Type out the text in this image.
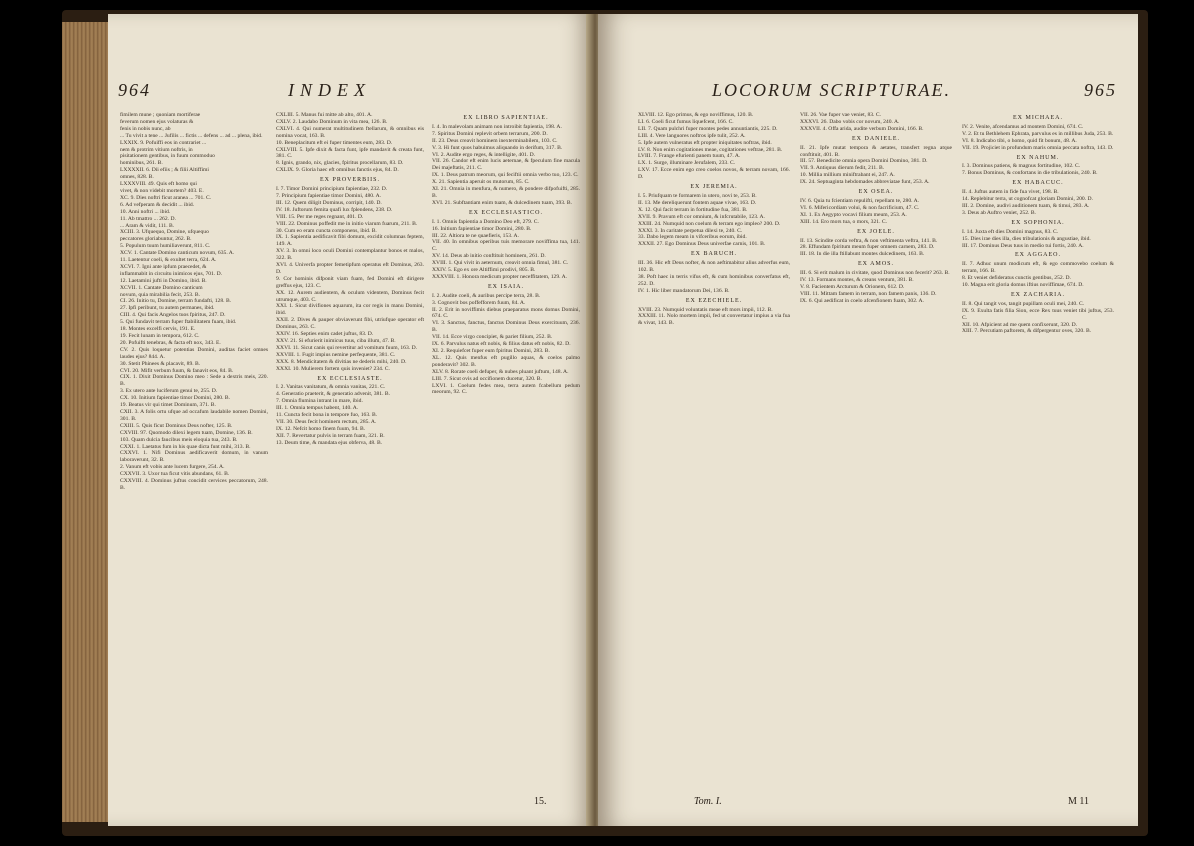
964	INDEX

fimilem mune ; quoniam mortiferae
feverum nomen ejus volaturas &
fenis in nobis nunc, ab
... Tu vivit a tene ... Jufilis ... fictis ... defens ... ad ... plena, ibid.
LXXIX. 9. Pofuiffi eos in contrariet ...
nem & protrim vitium noftris, in
pisitationem gentibus, in fuum commoduo
hominibus, 261. B.
LXXXXII. 6. Dii efiis ; & filii Altiffimi
omnes, 828. B.
LXXXVIII. 49. Quis eft homo qui
vivet, & non videbit mortem? 403. E.
XC. 9. Dies noftri ficut aranea ... 701. C.
6. Ad vefperam & decidit ... ibid.
10. Anni noftri ... ibid.
11. Ab tmattro ... 262. D.
... Aram & vidit, 111. B.
XCIII. 3. Ufquequo, Domine, ufquequo
peccatores gloriabuntur, 262. B.
5. Populum tuum humiliaverunt, 811. C.
XCV. 1. Cantate Domino canticum novum, 635. A.
11. Laetentur coeli, & exultet terra, 624. A.
XCVI. 7. Igni ante ipfum praecedet, &
inflammabit in circuitu inimicos ejus, 701. D.
12. Laetamini jufti in Domino, ibid. B.
XCVII. 1. Cantate Domino canticum
novum, quia mirabilia fecit, 253. B.
CI. 26. Initio tu, Domine, terram fundafti, 128. B.
27. Ipfi peribunt, tu autem permanes, ibid.
CIII. 4. Qui facis Angelos tuos fpiritus, 247. D.
5. Qui fundavit terram fuper ftabilitatem fuam, ibid.
18. Montes excelfi cervis, 191. E.
19. Fecit lunam in tempora, 612. C.
20. Pofuifti tenebras, & facta eft nox, 343. E.
CV. 2. Quis loquetur potentias Domini, auditas faciet omnes laudes ejus? 844. A.
30. Stetit Phinees & placavit, 89. B.
CVI. 20. Mifit verbum fuum, & fanavit eos, 84. B.
CIX. 1. Dixit Dominus Domino meo : Sede a dextris meis, 220. B.
3. Ex utero ante luciferum genui te, 255. D.
CX. 10. Initium fapientiae timor Domini, 280. B.
19. Beatus vir qui timet Dominum, 371. B.
CXII. 3. A folis ortu ufque ad occafum laudabile nomen Domini, 301. B.
CXIII. 5. Quis ficut Dominus Deus nofter, 125. B.
CXVIII. 97. Quomodo dilexi legem tuam, Domine, 136. B.
103. Quam dulcia faucibus meis eloquia tua, 243. B.
CXXI. 1. Laetatus fum in his quae dicta funt mihi, 313. B.
CXXVI. 1. Nifi Dominus aedificaverit domum, in vanum laboraverunt, 32. B.
2. Vanum eft vobis ante lucem furgere, 254. A.
CXXVII. 3. Uxor tua ficut vitis abundans, 61. B.
CXXVIII. 4. Dominus juftus concidit cervices peccatorum, 248. B.

CXLIII. 5. Manus fui mitte ab alto, 401. A.
CXLV. 2. Laudabo Dominum in vita mea, 126. B.
CXLVI. 4. Qui numerat multitudinem ftellarum, & omnibus eis nomina vocat, 163. B.
10. Beneplacitum eft ei fuper timentes eum, 283. D.
CXLVIII. 5. Ipfe dixit & facta funt, ipfe mandavit & creata funt, 381. C.
8. Ignis, grando, nix, glacies, fpiritus procellarum, 83. D.
CXLIX. 9. Gloria haec eft omnibus fanctis ejus, 84. D.

EX PROVERBIIS.

I. 7. Timor Domini principium fapientiae, 232. D.
7. Principium fapientiae timor Domini, 480. A.
III. 12. Quem diligit Dominus, corripit, 140. D.
IV. 18. Juftorum femita quafi lux fplendens, 238. D.
VIII. 15. Per me reges regnant, 401. D.
VIII. 22. Dominus poffedit me in initio viarum fuarum, 211. B.
30. Cum eo eram cuncta componens, ibid. B.
IX. 1. Sapientia aedificavit fibi domum, excidit columnas feptem, 149. A.
XV. 3. In omni loco oculi Domini contemplantur bonos et malos, 322. B.
XVI. 4. Univerfa propter femetipfum operatus eft Dominus, 263. D.
9. Cor hominis difponit viam fuam, fed Domini eft dirigere greffus ejus, 123. C.
XX. 12. Aurem audientem, & oculum videntem, Dominus fecit utrumque, 403. C.
XXI. 1. Sicut divifiones aquarum, ita cor regis in manu Domini, ibid.
XXII. 2. Dives & pauper obviaverunt fibi, utriufque operator eft Dominus, 263. C.
XXIV. 16. Septies enim cadet juftus, 83. D.
XXV. 21. Si efurierit inimicus tuus, ciba illum, 47. B.
XXVI. 11. Sicut canis qui revertitur ad vomitum fuum, 163. D.
XXVIII. 1. Fugit impius nemine perfequente, 381. C.
XXX. 8. Mendicitatem & divitias ne dederis mihi, 240. D.
XXXI. 10. Mulierem fortem quis inveniet? 234. C.

EX ECCLESIASTE.

I. 2. Vanitas vanitatum, & omnia vanitas, 221. C.
4. Generatio praeterit, & generatio advenit, 381. B.
7. Omnia flumina intrant in mare, ibid.
III. 1. Omnia tempus habent, 140. A.
11. Cuncta fecit bona in tempore fuo, 163. B.
VII. 30. Deus fecit hominem rectum, 285. A.
IX. 12. Nefcit homo finem fuum, 94. B.
XII. 7. Revertatur pulvis in terram fuam, 321. B.
13. Deum time, & mandata ejus obferva, 48. B.

EX LIBRO SAPIENTIAE.

I. 4. In malevolam animam non introibit fapientia, 198. A.
7. Spiritus Domini replevit orbem terrarum, 200. D.
II. 23. Deus creavit hominem inexterminabilem, 103. C.
V. 3. Hi funt quos habuimus aliquando in derifum, 317. B.
VI. 2. Audite ergo reges, & intelligite, 401. D.
VII. 26. Candor eft enim lucis aeternae, & fpeculum fine macula Dei majeftatis, 211. C.
IX. 1. Deus patrum meorum, qui feciftii omnia verbo tuo, 123. C.
X. 21. Sapientia aperuit os mutorum, 85. C.
XI. 21. Omnia in menfura, & numero, & pondere difpofuifti, 285. B.
XVI. 21. Subftantiam enim tuam, & dulcedinem tuam, 393. B.

EX ECCLESIASTICO.

I. 1. Omnis fapientia a Domino Deo eft, 279. C.
16. Initium fapientiae timor Domini, 280. B.
III. 22. Altiora te ne quaefieris, 153. A.
VII. 40. In omnibus operibus tuis memorare noviffima tua, 141. C.
XV. 14. Deus ab initio conftituit hominem, 261. D.
XVIII. 1. Qui vivit in aeternum, creavit omnia fimul, 381. C.
XXIV. 5. Ego ex ore Altiffimi prodivi, 805. B.
XXXVIII. 1. Honora medicum propter neceffitatem, 129. A.

EX ISAIA.

I. 2. Audite coeli, & auribus percipe terra, 28. B.
3. Cognovit bos poffefforem fuum, 84. A.
II. 2. Erit in noviffimis diebus praeparatus mons domus Domini, 674. C.
VI. 3. Sanctus, fanctus, fanctus Dominus Deus exercituum, 236. B.
VII. 14. Ecce virgo concipiet, & pariet filium, 252. B.
IX. 6. Parvulus natus eft nobis, & filius datus eft nobis, 82. D.
XI. 2. Requiefcet fuper eum fpiritus Domini, 283. B.
XL. 12. Quis menfus eft pugillo aquas, & coelos palmo ponderavit? 302. B.
XLV. 8. Rorate coeli defuper, & nubes pluant juftum, 148. A.
LIII. 7. Sicut ovis ad occifionem ducetur, 320. B.
LXVI. 1. Coelum fedes mea, terra autem fcabellum pedum meorum, 92. C.

15.
LOCORUM SCRIPTURAE.	965

XLVIII. 12. Ego primus, & ego noviffimus, 120. B.
LI. 6. Coeli ficut fumus liquefcent, 166. C.
LII. 7. Quam pulchri fuper montes pedes annuntiantis, 225. D.
LIII. 4. Vere languores noftros ipfe tulit, 252. A.
5. Ipfe autem vulneratus eft propter iniquitates noftras, ibid.
LV. 8. Non enim cogitationes meae, cogitationes veftrae, 281. B.
LVIII. 7. Frange efurienti panem tuum, 47. A.
LX. 1. Surge, illuminare Jerufalem, 233. C.
LXV. 17. Ecce enim ego creo coelos novos, & terram novam, 166. D.

EX JEREMIA.

I. 5. Priufquam te formarem in utero, novi te, 253. B.
II. 13. Me dereliquerunt fontem aquae vivae, 163. D.
X. 12. Qui facit terram in fortitudine fua, 381. B.
XVII. 9. Pravum eft cor omnium, & infcrutabile, 123. A.
XXIII. 24. Numquid non coelum & terram ego impleo? 200. D.
XXXI. 3. In caritate perpetua dilexi te, 240. C.
33. Dabo legem meam in vifceribus eorum, ibid.
XXXII. 27. Ego Dominus Deus univerfae carnis, 101. B.

EX BARUCH.

III. 36. Hic eft Deus nofter, & non aeftimabitur alius adverfus eum, 102. B.
38. Poft haec in terris vifus eft, & cum hominibus converfatus eft, 252. D.
IV. 1. Hic liber mandatorum Dei, 136. B.

EX EZECHIELE.

XVIII. 23. Numquid voluntatis meae eft mors impii, 112. B.
XXXIII. 11. Nolo mortem impii, fed ut convertatur impius a via fua & vivat, 143. B.

VII. 26. Vae fuper vae veniet, 83. C.
XXXVI. 26. Dabo vobis cor novum, 240. A.
XXXVII. 4. Offa arida, audite verbum Domini, 166. B.

EX DANIELE.

II. 21. Ipfe mutat tempora & aetates, transfert regna atque conftituit, 401. B.
III. 57. Benedicite omnia opera Domini Domino, 381. D.
VII. 9. Antiquus dierum fedit, 211. B.
10. Millia millium miniftrabant ei, 247. A.
IX. 24. Septuaginta hebdomades abbreviatae funt, 253. A.

EX OSEA.

IV. 6. Quia tu fcientiam repulifti, repellam te, 280. A.
VI. 6. Mifericordiam volui, & non facrificium, 47. C.
XI. 1. Ex Aegypto vocavi filium meum, 253. A.
XIII. 14. Ero mors tua, o mors, 321. C.

EX JOELE.

II. 13. Scindite corda veftra, & non veftimenta veftra, 141. B.
28. Effundam fpiritum meum fuper omnem carnem, 283. D.
III. 18. In die illa ftillabunt montes dulcedinem, 163. B.

EX AMOS.

III. 6. Si erit malum in civitate, quod Dominus non fecerit? 263. B.
IV. 13. Formans montes, & creans ventum, 381. B.
V. 8. Facientem Arcturum & Orionem, 612. D.
VIII. 11. Mittam famem in terram, non famem panis, 136. D.
IX. 6. Qui aedificat in coelo afcenfionem fuam, 302. A.

EX MICHAEA.

IV. 2. Venite, afcendamus ad montem Domini, 674. C.
V. 2. Et tu Bethlehem Ephrata, parvulus es in millibus Juda, 253. B.
VI. 8. Indicabo tibi, o homo, quid fit bonum, 48. A.
VII. 19. Projiciet in profundum maris omnia peccata noftra, 143. D.

EX NAHUM.

I. 3. Dominus patiens, & magnus fortitudine, 102. C.
7. Bonus Dominus, & confortans in die tribulationis, 240. B.

EX HABACUC.

II. 4. Juftus autem in fide fua vivet, 198. B.
14. Replebitur terra, ut cognofcat gloriam Domini, 200. D.
III. 2. Domine, audivi auditionem tuam, & timui, 283. A.
3. Deus ab Auftro veniet, 252. B.

EX SOPHONIA.

I. 14. Juxta eft dies Domini magnus, 83. C.
15. Dies irae dies illa, dies tribulationis & angustiae, ibid.
III. 17. Dominus Deus tuus in medio tui fortis, 240. A.

EX AGGAEO.

II. 7. Adhuc unum modicum eft, & ego commovebo coelum & terram, 166. B.
8. Et veniet defideratus cunctis gentibus, 252. D.
10. Magna erit gloria domus iftius noviffimae, 674. D.

EX ZACHARIA.

II. 8. Qui tangit vos, tangit pupillam oculi mei, 240. C.
IX. 9. Exulta fatis filia Sion, ecce Rex tuus veniet tibi juftus, 253. C.
XII. 10. Afpicient ad me quem confixerunt, 320. D.
XIII. 7. Percutiam paftorem, & difpergentur oves, 320. B.

Tom. I.	M 11
